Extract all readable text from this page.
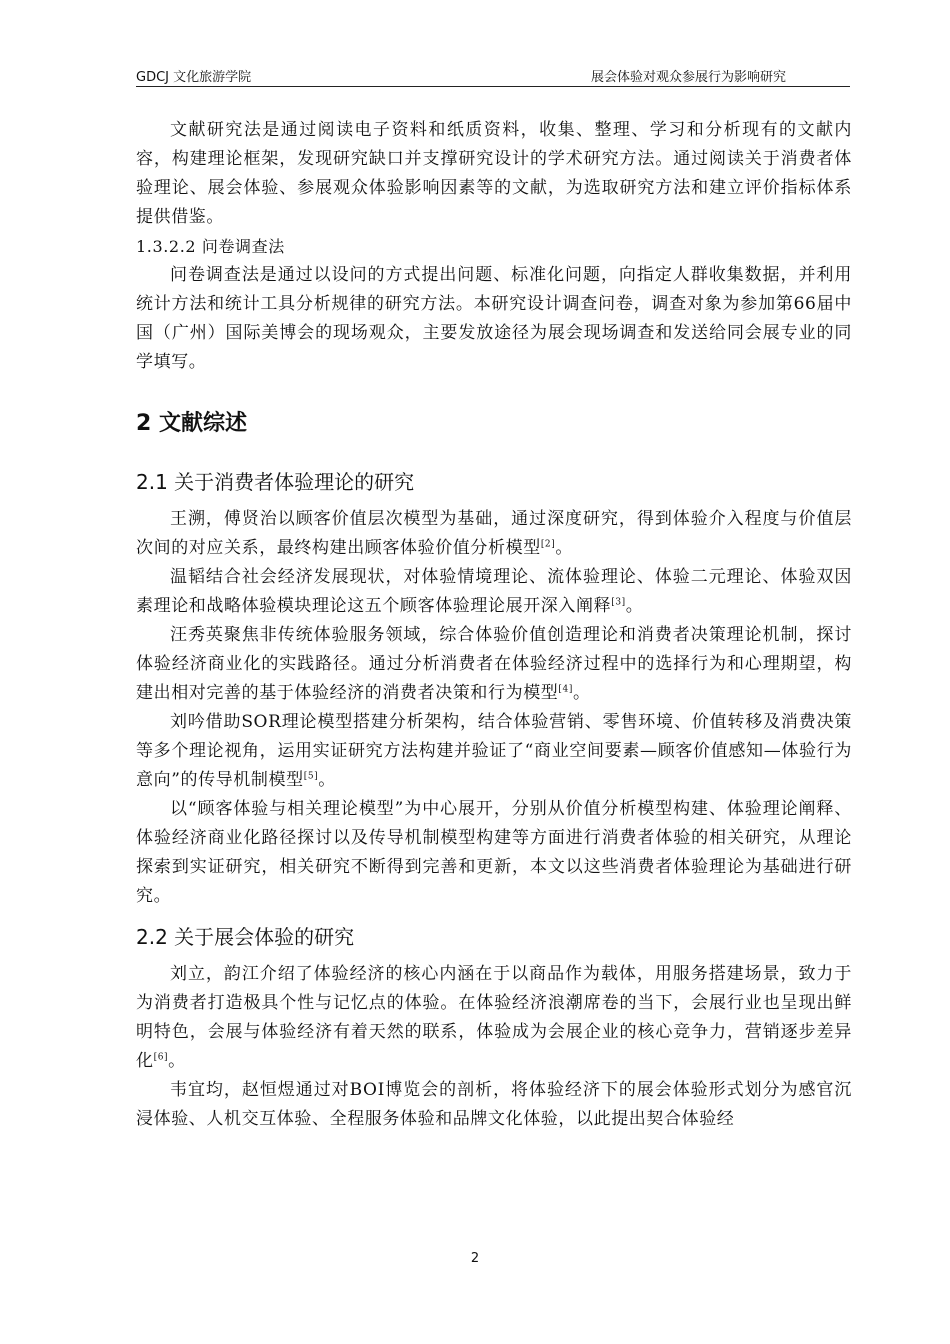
GDCJ 文化旅游学院	展会体验对观众参展行为影响研究

文献研究法是通过阅读电子资料和纸质资料，收集、整理、学习和分析现有的文献内容，构建理论框架，发现研究缺口并支撑研究设计的学术研究方法。通过阅读关于消费者体验理论、展会体验、参展观众体验影响因素等的文献，为选取研究方法和建立评价指标体系提供借鉴。

1.3.2.2 问卷调查法

问卷调查法是通过以设问的方式提出问题、标准化问题，向指定人群收集数据，并利用统计方法和统计工具分析规律的研究方法。本研究设计调查问卷，调查对象为参加第66届中国（广州）国际美博会的现场观众，主要发放途径为展会现场调查和发送给同会展专业的同学填写。

2 文献综述
2.1 关于消费者体验理论的研究

王溯，傅贤治以顾客价值层次模型为基础，通过深度研究，得到体验介入程度与价值层次间的对应关系，最终构建出顾客体验价值分析模型[2]。

温韬结合社会经济发展现状，对体验情境理论、流体验理论、体验二元理论、体验双因素理论和战略体验模块理论这五个顾客体验理论展开深入阐释[3]。

汪秀英聚焦非传统体验服务领域，综合体验价值创造理论和消费者决策理论机制，探讨体验经济商业化的实践路径。通过分析消费者在体验经济过程中的选择行为和心理期望，构建出相对完善的基于体验经济的消费者决策和行为模型[4]。

刘吟借助SOR理论模型搭建分析架构，结合体验营销、零售环境、价值转移及消费决策等多个理论视角，运用实证研究方法构建并验证了“商业空间要素—顾客价值感知—体验行为意向”的传导机制模型[5]。

以“顾客体验与相关理论模型”为中心展开，分别从价值分析模型构建、体验理论阐释、体验经济商业化路径探讨以及传导机制模型构建等方面进行消费者体验的相关研究，从理论探索到实证研究，相关研究不断得到完善和更新，本文以这些消费者体验理论为基础进行研究。

2.2 关于展会体验的研究

刘立，韵江介绍了体验经济的核心内涵在于以商品作为载体，用服务搭建场景，致力于为消费者打造极具个性与记忆点的体验。在体验经济浪潮席卷的当下，会展行业也呈现出鲜明特色，会展与体验经济有着天然的联系，体验成为会展企业的核心竞争力，营销逐步差异化[6]。

韦宜均，赵恒煜通过对BOI博览会的剖析，将体验经济下的展会体验形式划分为感官沉浸体验、人机交互体验、全程服务体验和品牌文化体验，以此提出契合体验经

2
